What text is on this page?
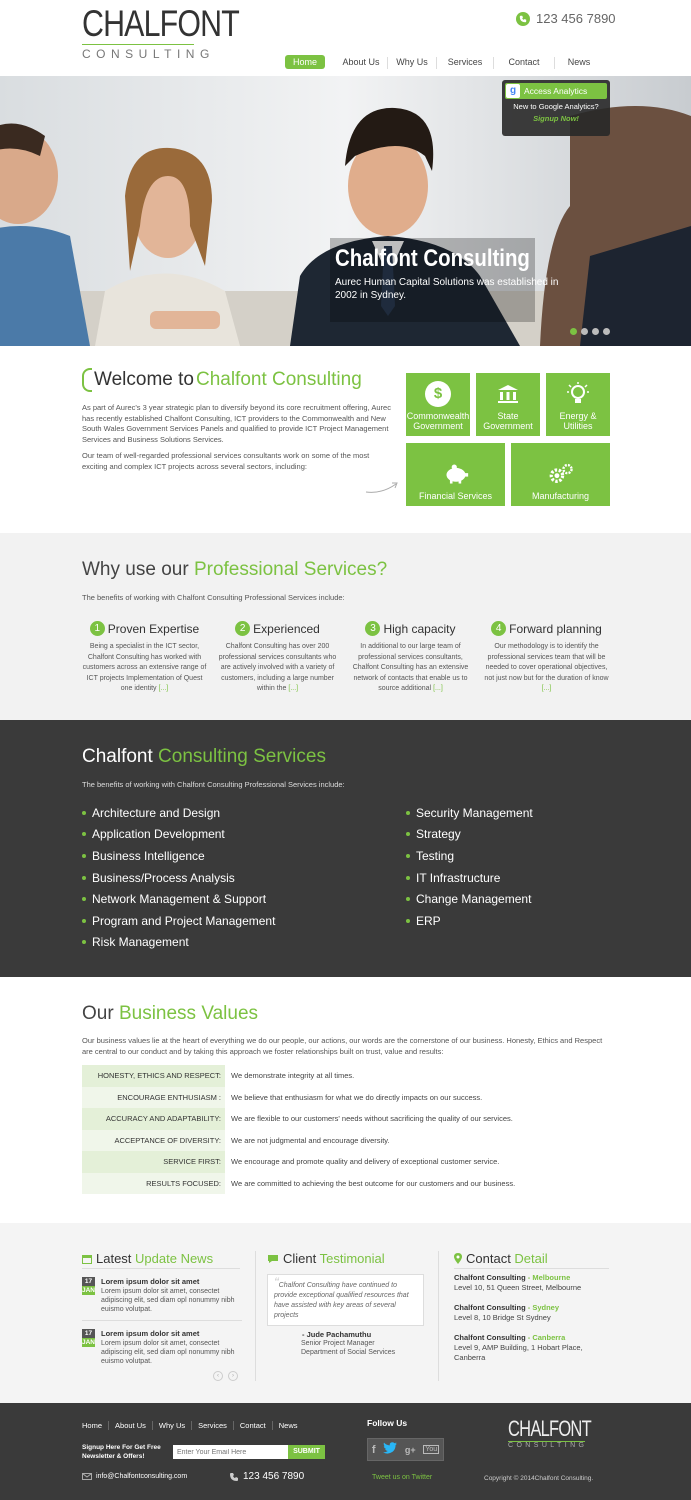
CHALFONT
CONSULTING
123 456 7890
Home	About Us	Why Us	Services	Contact	News
Chalfont Consulting
Aurec Human Capital Solutions was established in 2002 in Sydney.
g Access Analytics
New to Google Analytics?
Signup Now!
Welcome to Chalfont Consulting

As part of Aurec's 3 year strategic plan to diversify beyond its core recruitment offering, Aurec has recently established Chalfont Consulting, ICT providers to the Commonwealth and New South Wales Government Services Panels and qualified to provide ICT Project Management Services and Business Solutions Services.

Our team of well-regarded professional services consultants work on some of the most exciting and complex ICT projects across several sectors, including:

$
Commonwealth Government
State Government
Energy & Utilities
Financial Services	Manufacturing
Why use our Professional Services?
The benefits of working with Chalfont Consulting Professional Services include:
1 Proven Expertise
Being a specialist in the ICT sector, Chalfont Consulting has worked with customers across an extensive range of ICT projects Implementation of Quest one identity [...]
2 Experienced
Chalfont Consulting has over 200 professional services consultants who are actively involved with a variety of customers, including a large number within the [...]
3 High capacity
In additional to our large team of professional services consultants, Chalfont Consulting has an extensive network of contacts that enable us to source additional [...]
4 Forward planning
Our methodology is to identify the professional services team that will be needed to cover operational objectives, not just now but for the duration of know [...]
Chalfont Consulting Services
The benefits of working with Chalfont Consulting Professional Services include:
Architecture and Design
Application Development
Business Intelligence
Business/Process Analysis
Network Management & Support
Program and Project Management
Risk Management
Security Management
Strategy
Testing
IT Infrastructure
Change Management
ERP
Our Business Values
Our business values lie at the heart of everything we do our people, our actions, our words are the cornerstone of our business. Honesty, Ethics and Respect are central to our conduct and by taking this approach we foster relationships built on trust, value and results:
HONESTY, ETHICS AND RESPECT:	We demonstrate integrity at all times.
ENCOURAGE ENTHUSIASM :	We believe that enthusiasm for what we do directly impacts on our success.
ACCURACY AND ADAPTABILITY:	We are flexible to our customers' needs without sacrificing the quality of our services.
ACCEPTANCE OF DIVERSITY:	We are not judgmental and encourage diversity.
SERVICE FIRST:	We encourage and promote quality and delivery of exceptional customer service.
RESULTS FOCUSED:	We are committed to achieving the best outcome for our customers and our business.
Latest Update News
17
JAN
Lorem ipsum dolor sit amet
Lorem ipsum dolor sit amet, consectet adipiscing elit, sed diam opl nonummy nibh euismo volutpat.
17
JAN
Lorem ipsum dolor sit amet
Lorem ipsum dolor sit amet, consectet adipiscing elit, sed diam opl nonummy nibh euismo volutpat.
‹	›
Client Testimonial
“Chalfont Consulting have continued to provide exceptional qualified resources that have assisted with key areas of several projects
- Jude Pachamuthu
Senior Project Manager
Department of Social Services
Contact Detail
Chalfont Consulting - Melbourne
Level 10, 51 Queen Street, Melbourne
Chalfont Consulting - Sydney
Level 8, 10 Bridge St Sydney
Chalfont Consulting - Canberra
Level 9, AMP Building, 1 Hobart Place, Canberra
Home	About Us	Why Us	Services	Contact	News
Signup Here For Get Free Newsletter & Offers!
Enter Your Email Here
SUBMIT
Follow Us
f	g+ You
Tweet us on Twitter
CHALFONT
CONSULTING
info@Chalfontconsulting.com	123 456 7890	Copyright © 2014Chalfont Consulting.
